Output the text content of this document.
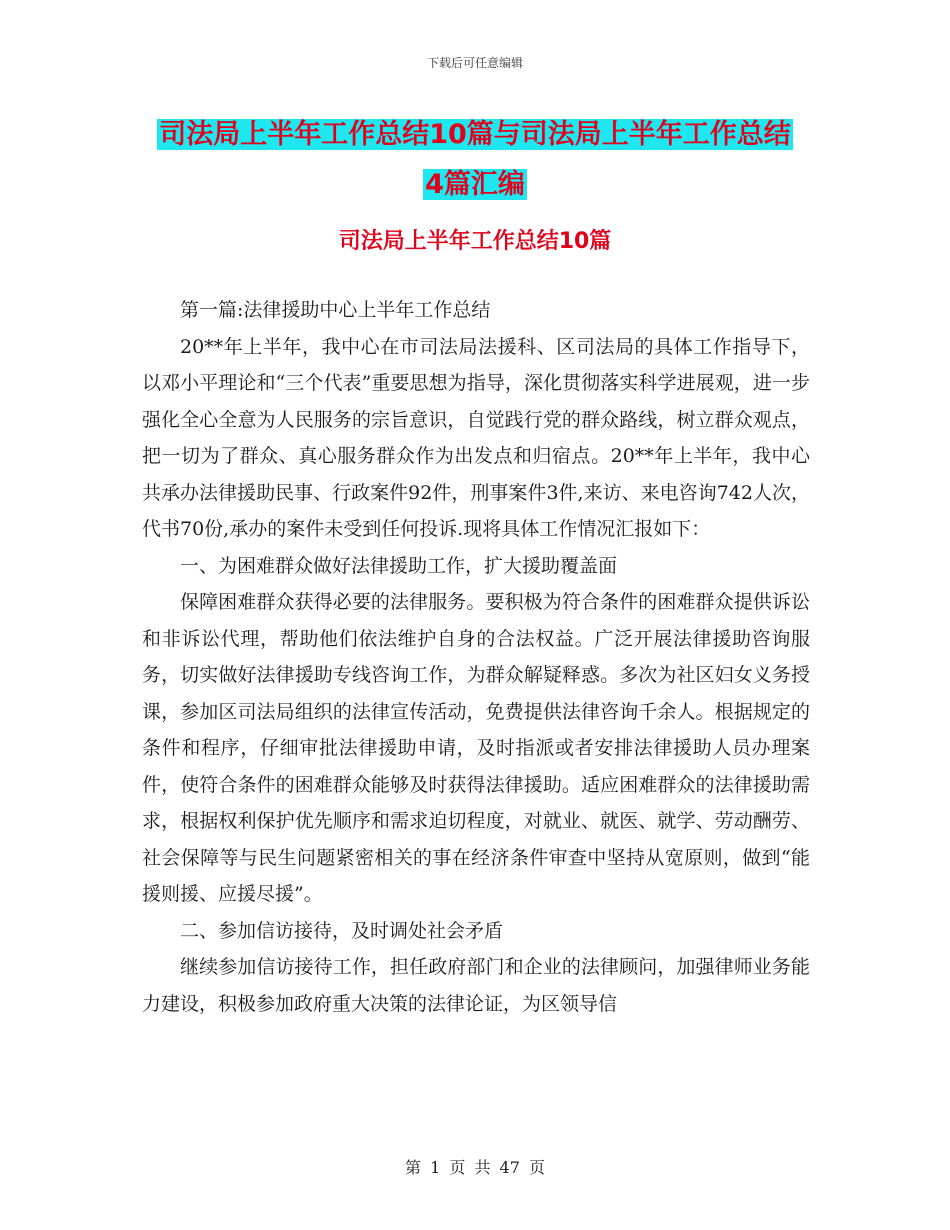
下载后可任意编辑
司法局上半年工作总结10篇与司法局上半年工作总结
4篇汇编
司法局上半年工作总结10篇

第一篇:法律援助中心上半年工作总结

20**年上半年，我中心在市司法局法援科、区司法局的具体工作指导下，以邓小平理论和“三个代表”重要思想为指导，深化贯彻落实科学进展观，进一步强化全心全意为人民服务的宗旨意识，自觉践行党的群众路线，树立群众观点，把一切为了群众、真心服务群众作为出发点和归宿点。20**年上半年，我中心共承办法律援助民事、行政案件92件，刑事案件3件,来访、来电咨询742人次，代书70份,承办的案件未受到任何投诉.现将具体工作情况汇报如下：

一、为困难群众做好法律援助工作，扩大援助覆盖面

保障困难群众获得必要的法律服务。要积极为符合条件的困难群众提供诉讼和非诉讼代理，帮助他们依法维护自身的合法权益。广泛开展法律援助咨询服务，切实做好法律援助专线咨询工作，为群众解疑释惑。多次为社区妇女义务授课，参加区司法局组织的法律宣传活动，免费提供法律咨询千余人。根据规定的条件和程序，仔细审批法律援助申请，及时指派或者安排法律援助人员办理案件，使符合条件的困难群众能够及时获得法律援助。适应困难群众的法律援助需求，根据权利保护优先顺序和需求迫切程度，对就业、就医、就学、劳动酬劳、社会保障等与民生问题紧密相关的事在经济条件审查中坚持从宽原则，做到“能援则援、应援尽援”。

二、参加信访接待，及时调处社会矛盾

继续参加信访接待工作，担任政府部门和企业的法律顾问，加强律师业务能力建设，积极参加政府重大决策的法律论证，为区领导信

第 1 页 共 47 页
